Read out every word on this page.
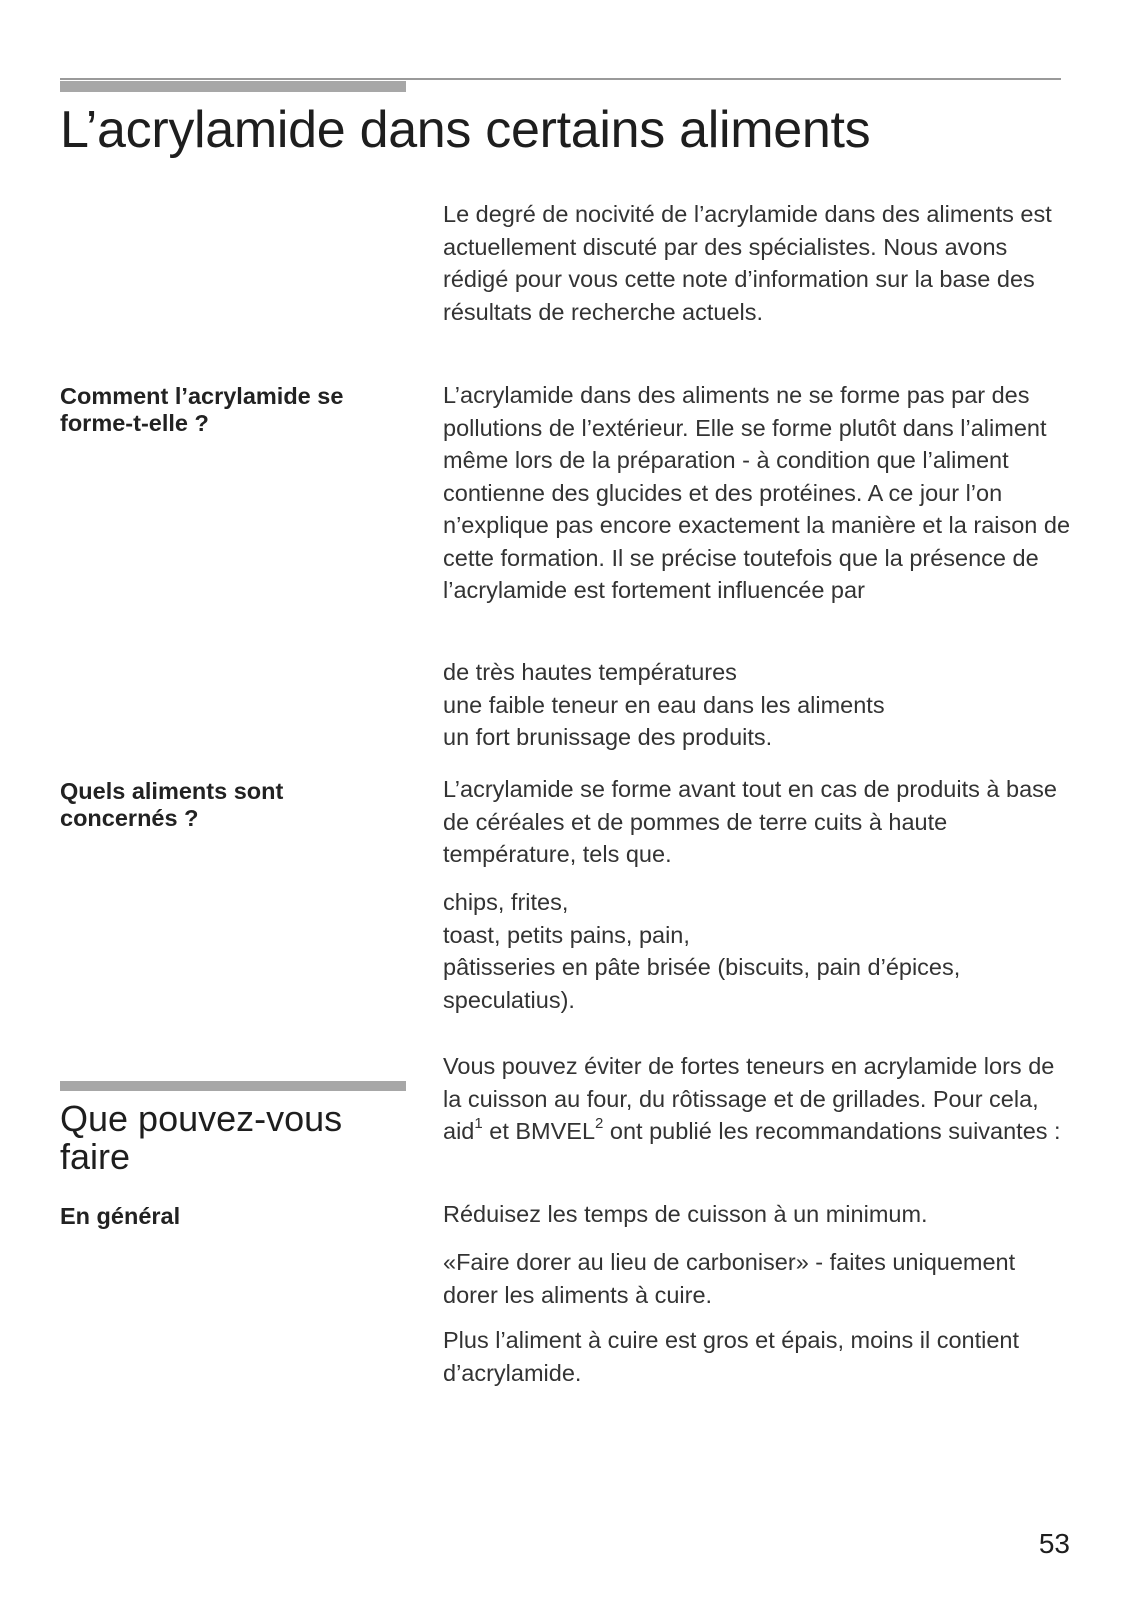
L’acrylamide dans certains aliments

Le degré de nocivité de l’acrylamide dans des aliments est actuellement discuté par des spécialistes. Nous avons rédigé pour vous cette note d’information sur la base des résultats de recherche actuels.

Comment l’acrylamide se forme-t-elle ?

L’acrylamide dans des aliments ne se forme pas par des pollutions de l’extérieur. Elle se forme plutôt dans l’aliment même lors de la préparation - à condition que l’aliment contienne des glucides et des protéines. A ce jour l’on n’explique pas encore exactement la manière et la raison de cette formation. Il se précise toutefois que la présence de l’acrylamide est fortement influencée par

de très hautes températures
une faible teneur en eau dans les aliments
un fort brunissage des produits.
Quels aliments sont concernés ?

L’acrylamide se forme avant tout en cas de produits à base de céréales et de pommes de terre cuits à haute température, tels que.

chips, frites,
toast, petits pains, pain,
pâtisseries en pâte brisée (biscuits, pain d’épices, speculatius).
Que pouvez-vous faire

Vous pouvez éviter de fortes teneurs en acrylamide lors de la cuisson au four, du rôtissage et de grillades. Pour cela, aid$^1$ et BMVEL$^2$ ont publié les recommandations suivantes :

En général	Réduisez les temps de cuisson à un minimum.

«Faire dorer au lieu de carboniser» - faites uniquement dorer les aliments à cuire.

Plus l’aliment à cuire est gros et épais, moins il contient d’acrylamide.

53
